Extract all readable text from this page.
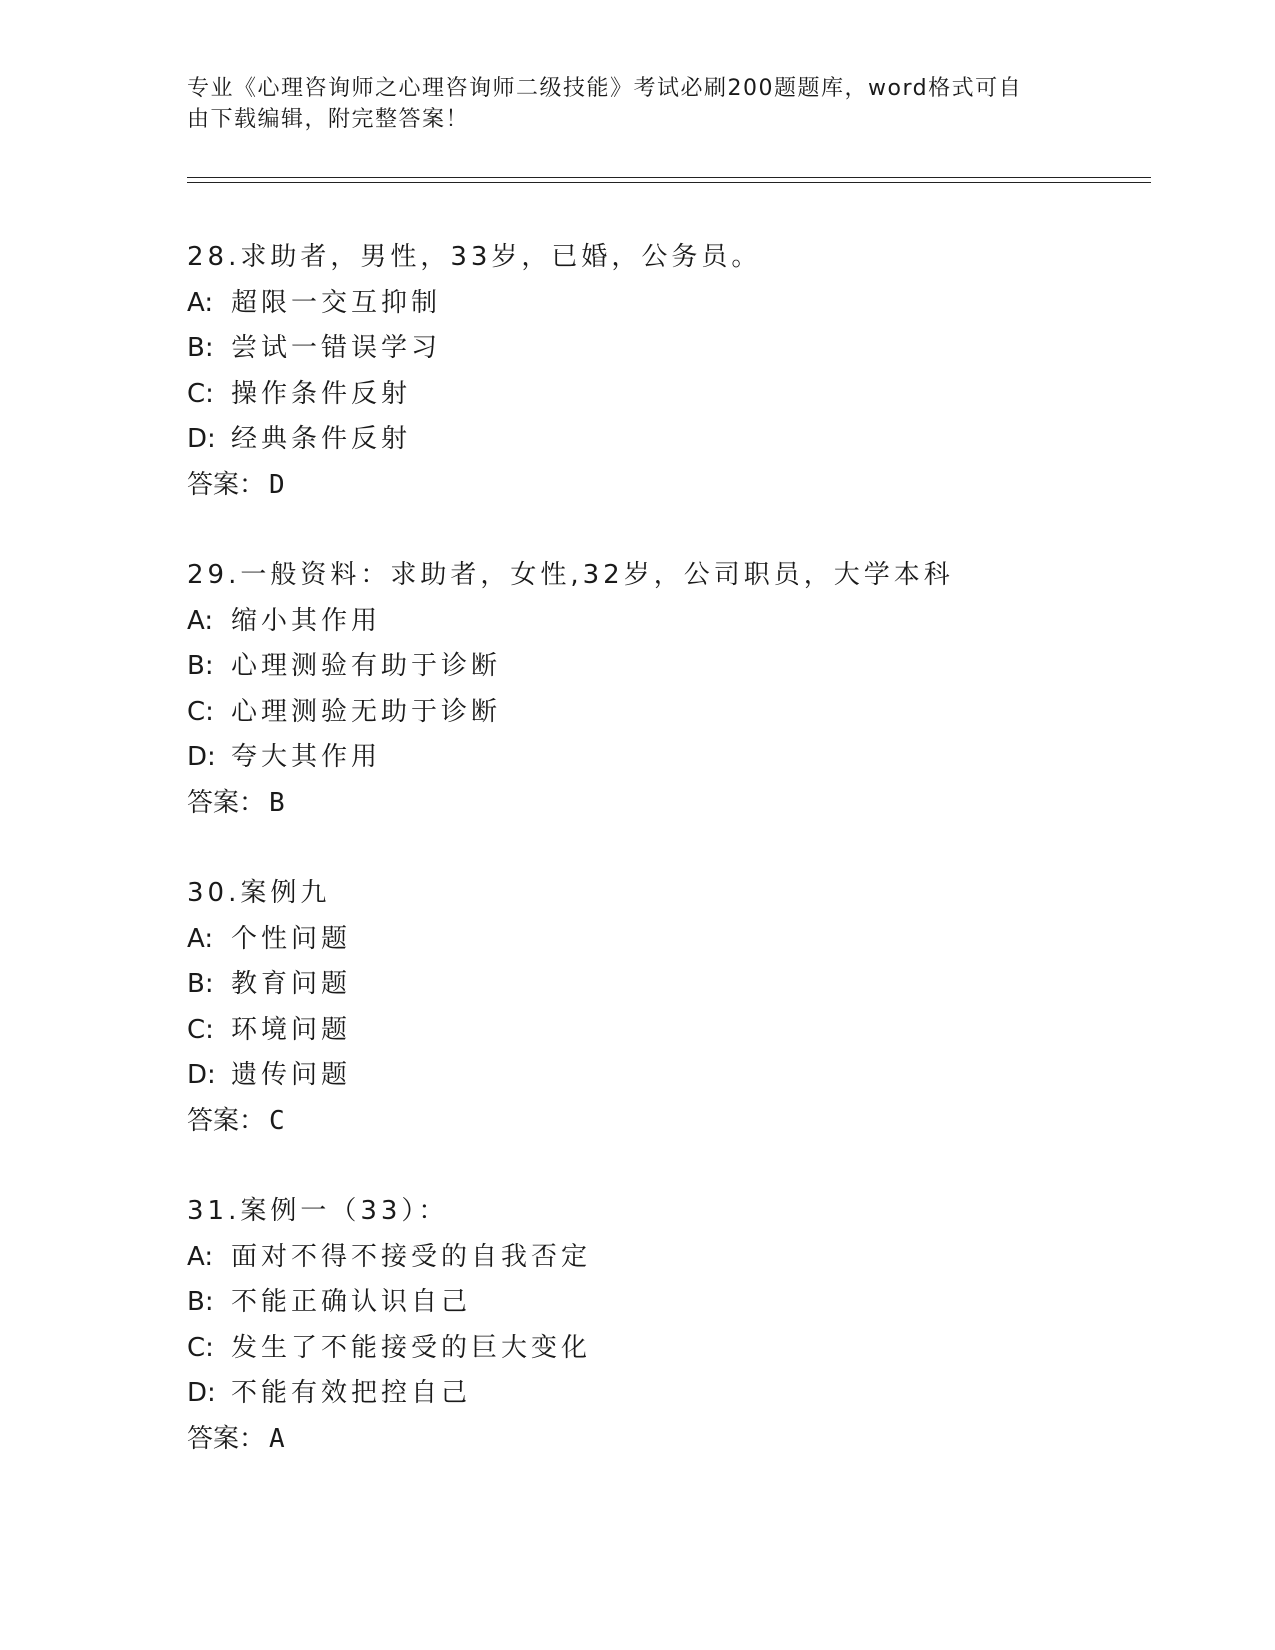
专业《心理咨询师之心理咨询师二级技能》考试必刷200题题库，word格式可自
由下载编辑，附完整答案！
28.求助者，男性，33岁，已婚，公务员。
A: 超限一交互抑制
B: 尝试一错误学习
C: 操作条件反射
D: 经典条件反射
答案： D
29.一般资料：求助者，女性,32岁，公司职员，大学本科
A: 缩小其作用
B: 心理测验有助于诊断
C: 心理测验无助于诊断
D: 夸大其作用
答案： B
30.案例九
A: 个性问题
B: 教育问题
C: 环境问题
D: 遗传问题
答案： C
31.案例一（33）：
A: 面对不得不接受的自我否定
B: 不能正确认识自己
C: 发生了不能接受的巨大变化
D: 不能有效把控自己
答案： A
